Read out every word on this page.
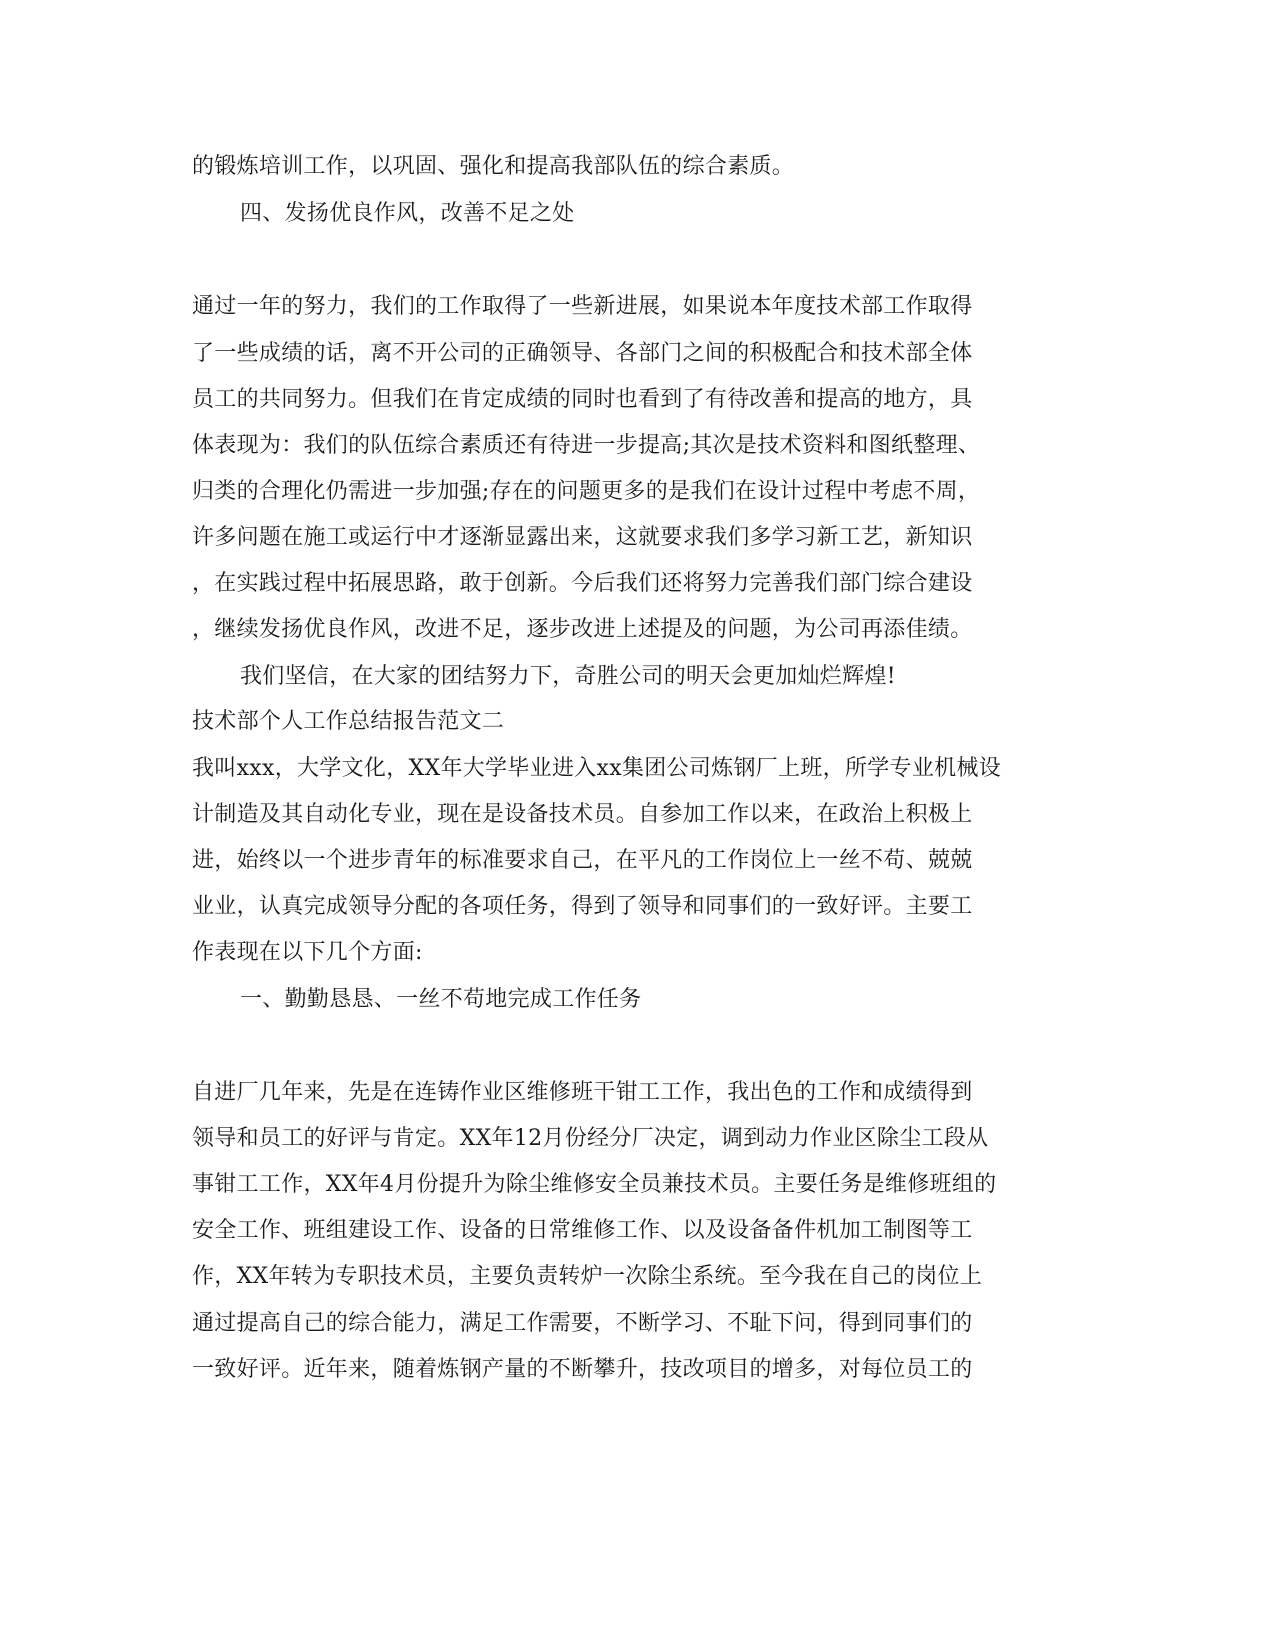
的锻炼培训工作，以巩固、强化和提高我部队伍的综合素质。
四、发扬优良作风，改善不足之处
通过一年的努力，我们的工作取得了一些新进展，如果说本年度技术部工作取得
了一些成绩的话，离不开公司的正确领导、各部门之间的积极配合和技术部全体
员工的共同努力。但我们在肯定成绩的同时也看到了有待改善和提高的地方，具
体表现为：我们的队伍综合素质还有待进一步提高;其次是技术资料和图纸整理、
归类的合理化仍需进一步加强;存在的问题更多的是我们在设计过程中考虑不周，
许多问题在施工或运行中才逐渐显露出来，这就要求我们多学习新工艺，新知识
，在实践过程中拓展思路，敢于创新。今后我们还将努力完善我们部门综合建设
，继续发扬优良作风，改进不足，逐步改进上述提及的问题，为公司再添佳绩。
我们坚信，在大家的团结努力下，奇胜公司的明天会更加灿烂辉煌!
技术部个人工作总结报告范文二
我叫xxx，大学文化，XX年大学毕业进入xx集团公司炼钢厂上班，所学专业机械设
计制造及其自动化专业，现在是设备技术员。自参加工作以来，在政治上积极上
进，始终以一个进步青年的标准要求自己，在平凡的工作岗位上一丝不苟、兢兢
业业，认真完成领导分配的各项任务，得到了领导和同事们的一致好评。主要工
作表现在以下几个方面:
一、勤勤恳恳、一丝不苟地完成工作任务
自进厂几年来，先是在连铸作业区维修班干钳工工作，我出色的工作和成绩得到
领导和员工的好评与肯定。XX年12月份经分厂决定，调到动力作业区除尘工段从
事钳工工作，XX年4月份提升为除尘维修安全员兼技术员。主要任务是维修班组的
安全工作、班组建设工作、设备的日常维修工作、以及设备备件机加工制图等工
作，XX年转为专职技术员，主要负责转炉一次除尘系统。至今我在自己的岗位上
通过提高自己的综合能力，满足工作需要，不断学习、不耻下问，得到同事们的
一致好评。近年来，随着炼钢产量的不断攀升，技改项目的增多，对每位员工的
